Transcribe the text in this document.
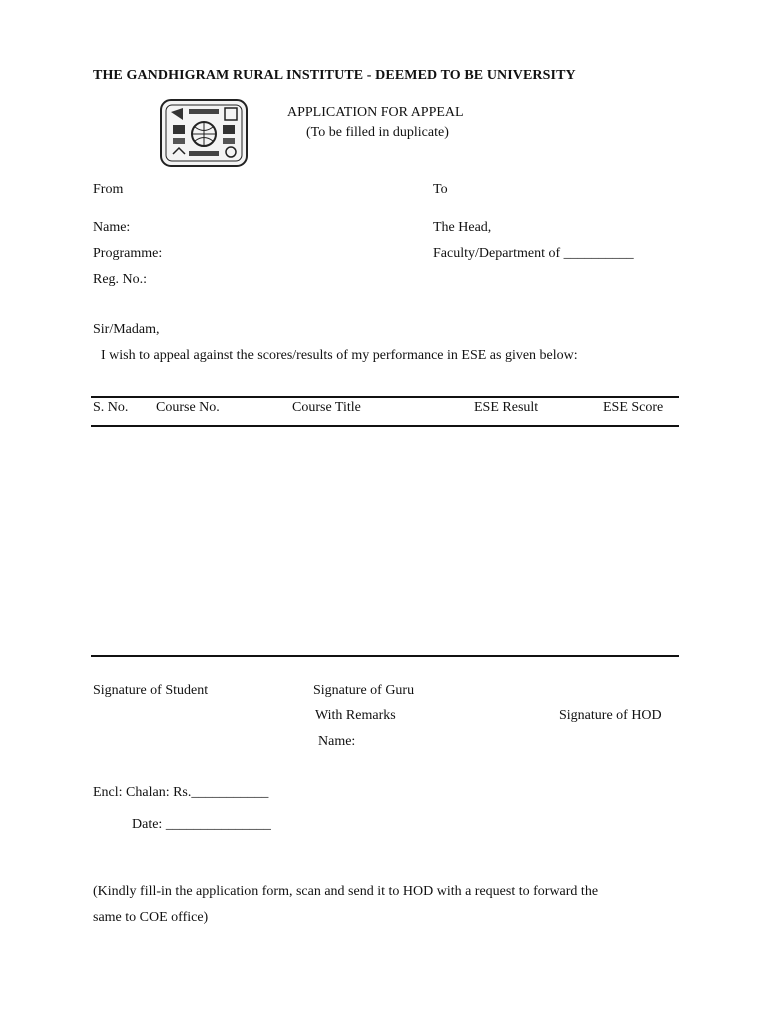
THE GANDHIGRAM RURAL INSTITUTE - DEEMED TO BE UNIVERSITY
APPLICATION FOR APPEAL
(To be filled in duplicate)
From	To
Name:	The Head,
Programme:	Faculty/Department of __________
Reg. No.:
Sir/Madam,
I wish to appeal against the scores/results of my performance in ESE as given below:
S. No. Course No.	Course Title	ESE Result	ESE Score
Signature of Student	Signature of Guru
With Remarks	Signature of HOD
Name:
Encl: Chalan: Rs.___________
Date: _______________
(Kindly fill-in the application form, scan and send it to HOD with a request to forward the
same to COE office)
